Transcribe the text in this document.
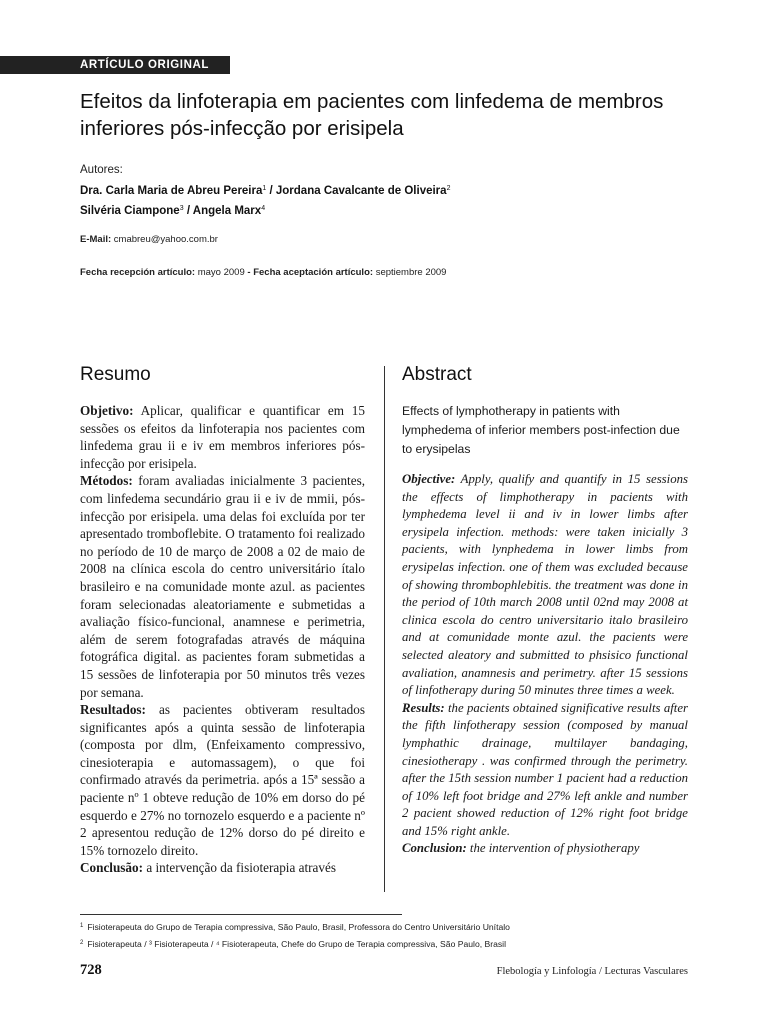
ARTÍCULO ORIGINAL
Efeitos da linfoterapia em pacientes com linfedema de membros inferiores pós-infecção por erisipela
Autores:
Dra. Carla Maria de Abreu Pereira$^1$ / Jordana Cavalcante de Oliveira$^2$
Silvéria Ciampone$^3$ / Angela Marx$^4$
E-Mail: cmabreu@yahoo.com.br
Fecha recepción artículo: mayo 2009 - Fecha aceptación artículo: septiembre 2009
Resumo	Abstract

Objetivo: Aplicar, qualificar e quantificar em 15 sessões os efeitos da linfoterapia nos pacientes com linfedema grau ii e iv em membros inferiores pós-infecção por erisipela.

Métodos: foram avaliadas inicialmente 3 pacientes, com linfedema secundário grau ii e iv de mmii, pós-infecção por erisipela. uma delas foi excluída por ter apresentado tromboflebite. O tratamento foi realizado no período de 10 de março de 2008 a 02 de maio de 2008 na clínica escola do centro universitário ítalo brasileiro e na comunidade monte azul. as pacientes foram selecionadas aleatoriamente e submetidas a avaliação físico-funcional, anamnese e perimetria, além de serem fotografadas através de máquina fotográfica digital. as pacientes foram submetidas a 15 sessões de linfoterapia por 50 minutos três vezes por semana.

Resultados: as pacientes obtiveram resultados significantes após a quinta sessão de linfoterapia (composta por dlm, (Enfeixamento compressivo, cinesioterapia e automassagem), o que foi confirmado através da perimetria. após a 15ª sessão a paciente nº 1 obteve redução de 10% em dorso do pé esquerdo e 27% no tornozelo esquerdo e a paciente nº 2 apresentou redução de 12% dorso do pé direito e 15% tornozelo direito.

Conclusão: a intervenção da fisioterapia através

Effects of lymphotherapy in patients with lymphedema of inferior members post-infection due to erysipelas

Objective: Apply, qualify and quantify in 15 sessions the effects of limphotherapy in pacients with lymphedema level ii and iv in lower limbs after erysipela infection. methods: were taken inicially 3 pacients, with lynphedema in lower limbs from erysipelas infection. one of them was excluded because of showing thrombophlebitis. the treatment was done in the period of 10th march 2008 until 02nd may 2008 at clinica escola do centro universitario italo brasileiro and at comunidade monte azul. the pacients were selected aleatory and submitted to phsisico functional avaliation, anamnesis and perimetry. after 15 sessions of linfotherapy during 50 minutes three times a week.

Results: the pacients obtained significative results after the fifth linfotherapy session (composed by manual lymphathic drainage, multilayer bandaging, cinesiotherapy . was confirmed through the perimetry. after the 15th session number 1 pacient had a reduction of 10% left foot bridge and 27% left ankle and number 2 pacient showed reduction of 12% right foot bridge and 15% right ankle.

Conclusion: the intervention of physiotherapy

$^1$ Fisioterapeuta do Grupo de Terapia compressiva, São Paulo, Brasil, Professora do Centro Universitário Unítalo
$^2$ Fisioterapeuta / ³ Fisioterapeuta / ⁴ Fisioterapeuta, Chefe do Grupo de Terapia compressiva, São Paulo, Brasil
728	Flebología y Linfología / Lecturas Vasculares
